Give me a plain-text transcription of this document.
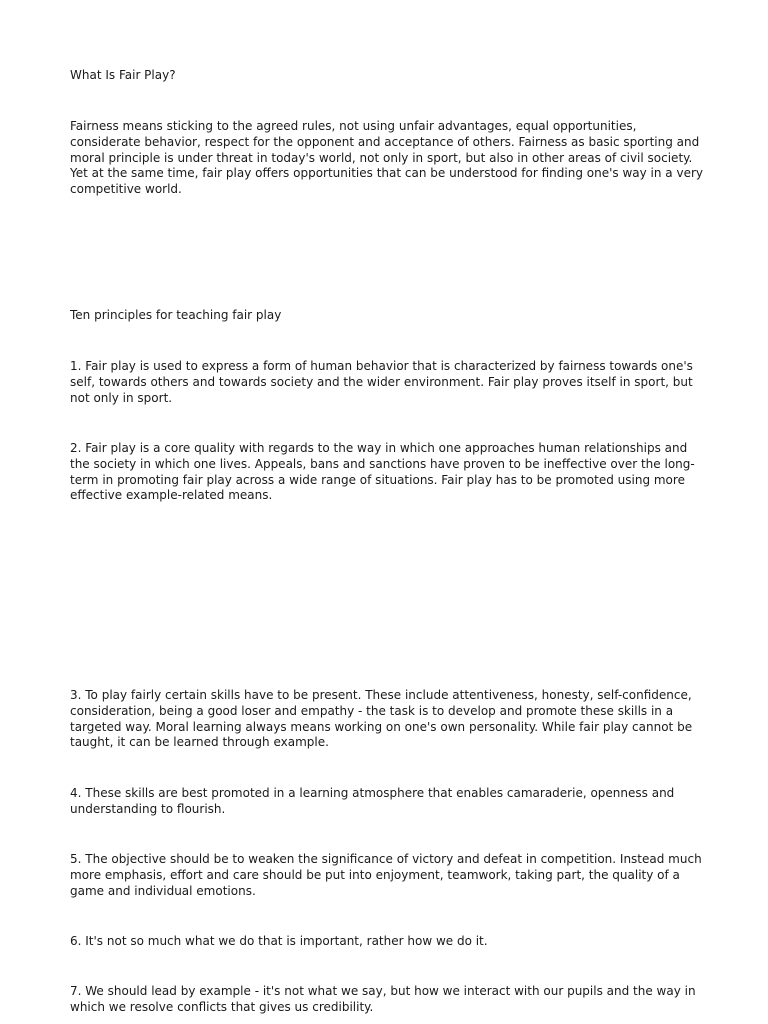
What Is Fair Play?

Fairness means sticking to the agreed rules, not using unfair advantages, equal opportunities, considerate behavior, respect for the opponent and acceptance of others. Fairness as basic sporting and moral principle is under threat in today's world, not only in sport, but also in other areas of civil society. Yet at the same time, fair play offers opportunities that can be understood for finding one's way in a very competitive world.

Ten principles for teaching fair play

1. Fair play is used to express a form of human behavior that is characterized by fairness towards one's self, towards others and towards society and the wider environment. Fair play proves itself in sport, but not only in sport.

2. Fair play is a core quality with regards to the way in which one approaches human relationships and the society in which one lives. Appeals, bans and sanctions have proven to be ineffective over the long-term in promoting fair play across a wide range of situations. Fair play has to be promoted using more effective example-related means.

3. To play fairly certain skills have to be present. These include attentiveness, honesty, self-confidence, consideration, being a good loser and empathy - the task is to develop and promote these skills in a targeted way. Moral learning always means working on one's own personality. While fair play cannot be taught, it can be learned through example.

4. These skills are best promoted in a learning atmosphere that enables camaraderie, openness and understanding to flourish.

5. The objective should be to weaken the significance of victory and defeat in competition. Instead much more emphasis, effort and care should be put into enjoyment, teamwork, taking part, the quality of a game and individual emotions.

6. It's not so much what we do that is important, rather how we do it.

7. We should lead by example - it's not what we say, but how we interact with our pupils and the way in which we resolve conflicts that gives us credibility.
